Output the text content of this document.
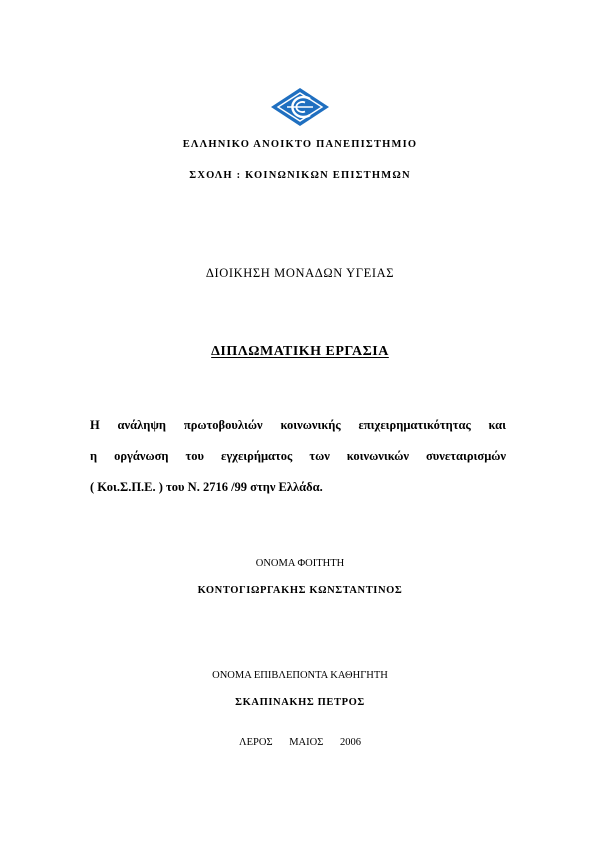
ΕΛΛΗΝΙΚΟ ΑΝΟΙΚΤΟ ΠΑΝΕΠΙΣΤΗΜΙΟ
ΣΧΟΛΗ : ΚΟΙΝΩΝΙΚΩΝ ΕΠΙΣΤΗΜΩΝ
ΔΙΟΙΚΗΣΗ ΜΟΝΑΔΩΝ ΥΓΕΙΑΣ
ΔΙΠΛΩΜΑΤΙΚΗ ΕΡΓΑΣΙΑ
Η ανάληψη πρωτοβουλιών κοινωνικής επιχειρηματικότητας και
η οργάνωση του εγχειρήματος των κοινωνικών συνεταιρισμών
( Κοι.Σ.Π.Ε. ) του Ν. 2716 /99 στην Ελλάδα.
ΟΝΟΜΑ ΦΟΙΤΗΤΗ
ΚΟΝΤΟΓΙΩΡΓΑΚΗΣ ΚΩΝΣΤΑΝΤΙΝΟΣ
ΟΝΟΜΑ ΕΠΙΒΛΕΠΟΝΤΑ ΚΑΘΗΓΗΤΗ
ΣΚΑΠΙΝΑΚΗΣ ΠΕΤΡΟΣ
ΛΕΡΟΣ ΜΑΙΟΣ 2006
